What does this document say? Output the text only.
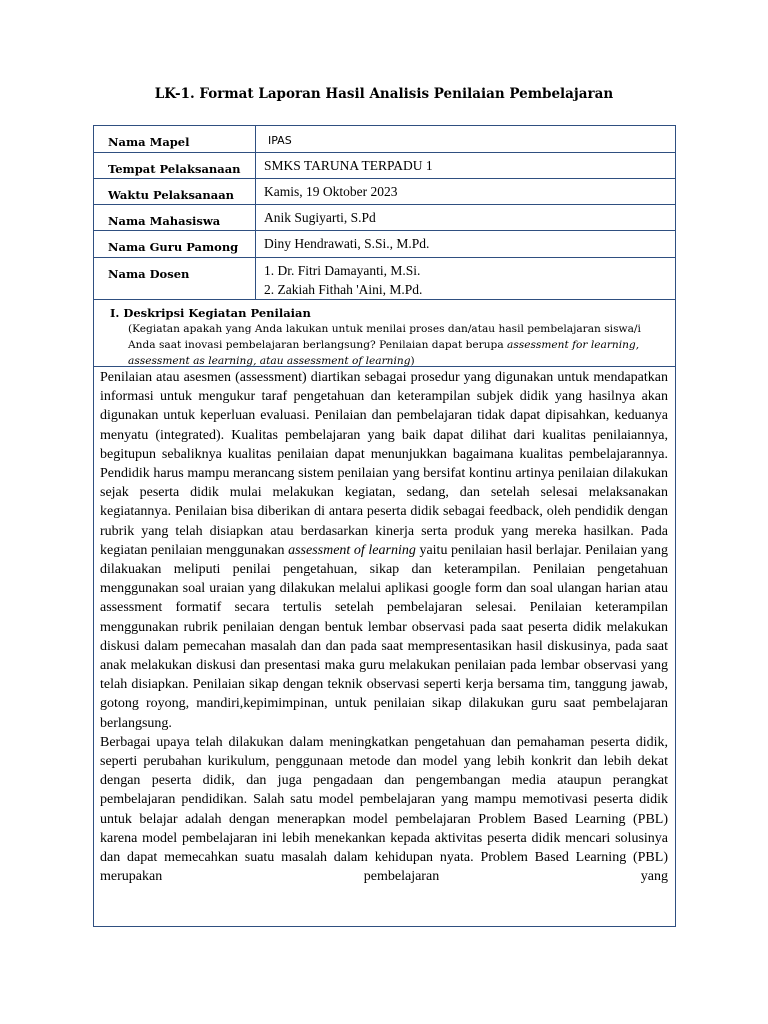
LK-1. Format Laporan Hasil Analisis Penilaian Pembelajaran
Nama Mapel	IPAS
Tempat Pelaksanaan	SMKS TARUNA TERPADU 1
Waktu Pelaksanaan	Kamis, 19 Oktober 2023
Nama Mahasiswa	Anik Sugiyarti, S.Pd
Nama Guru Pamong	Diny Hendrawati, S.Si., M.Pd.
Nama Dosen	1. Dr. Fitri Damayanti, M.Si.
2. Zakiah Fithah 'Aini, M.Pd.
I. Deskripsi Kegiatan Penilaian
(Kegiatan apakah yang Anda lakukan untuk menilai proses dan/atau hasil pembelajaran siswa/i Anda saat inovasi pembelajaran berlangsung? Penilaian dapat berupa assessment for learning, assessment as learning, atau assessment of learning)

Penilaian atau asesmen (assessment) diartikan sebagai prosedur yang digunakan untuk mendapatkan informasi untuk mengukur taraf pengetahuan dan keterampilan subjek didik yang hasilnya akan digunakan untuk keperluan evaluasi. Penilaian dan pembelajaran tidak dapat dipisahkan, keduanya menyatu (integrated). Kualitas pembelajaran yang baik dapat dilihat dari kualitas penilaiannya, begitupun sebaliknya kualitas penilaian dapat menunjukkan bagaimana kualitas pembelajarannya. Pendidik harus mampu merancang sistem penilaian yang bersifat kontinu artinya penilaian dilakukan sejak peserta didik mulai melakukan kegiatan, sedang, dan setelah selesai melaksanakan kegiatannya. Penilaian bisa diberikan di antara peserta didik sebagai feedback, oleh pendidik dengan rubrik yang telah disiapkan atau berdasarkan kinerja serta produk yang mereka hasilkan. Pada kegiatan penilaian menggunakan assessment of learning yaitu penilaian hasil berlajar. Penilaian yang dilakuakan meliputi penilai pengetahuan, sikap dan keterampilan. Penilaian pengetahuan menggunakan soal uraian yang dilakukan melalui aplikasi google form dan soal ulangan harian atau assessment formatif secara tertulis setelah pembelajaran selesai. Penilaian keterampilan menggunakan rubrik penilaian dengan bentuk lembar observasi pada saat peserta didik melakukan diskusi dalam pemecahan masalah dan dan pada saat mempresentasikan hasil diskusinya, pada saat anak melakukan diskusi dan presentasi maka guru melakukan penilaian pada lembar observasi yang telah disiapkan. Penilaian sikap dengan teknik observasi seperti kerja bersama tim, tanggung jawab, gotong royong, mandiri,kepimimpinan, untuk penilaian sikap dilakukan guru saat pembelajaran berlangsung.

Berbagai upaya telah dilakukan dalam meningkatkan pengetahuan dan pemahaman peserta didik, seperti perubahan kurikulum, penggunaan metode dan model yang lebih konkrit dan lebih dekat dengan peserta didik, dan juga pengadaan dan pengembangan media ataupun perangkat pembelajaran pendidikan. Salah satu model pembelajaran yang mampu memotivasi peserta didik untuk belajar adalah dengan menerapkan model pembelajaran Problem Based Learning (PBL) karena model pembelajaran ini lebih menekankan kepada aktivitas peserta didik mencari solusinya dan dapat memecahkan suatu masalah dalam kehidupan nyata. Problem Based Learning (PBL) merupakan pembelajaran yang
